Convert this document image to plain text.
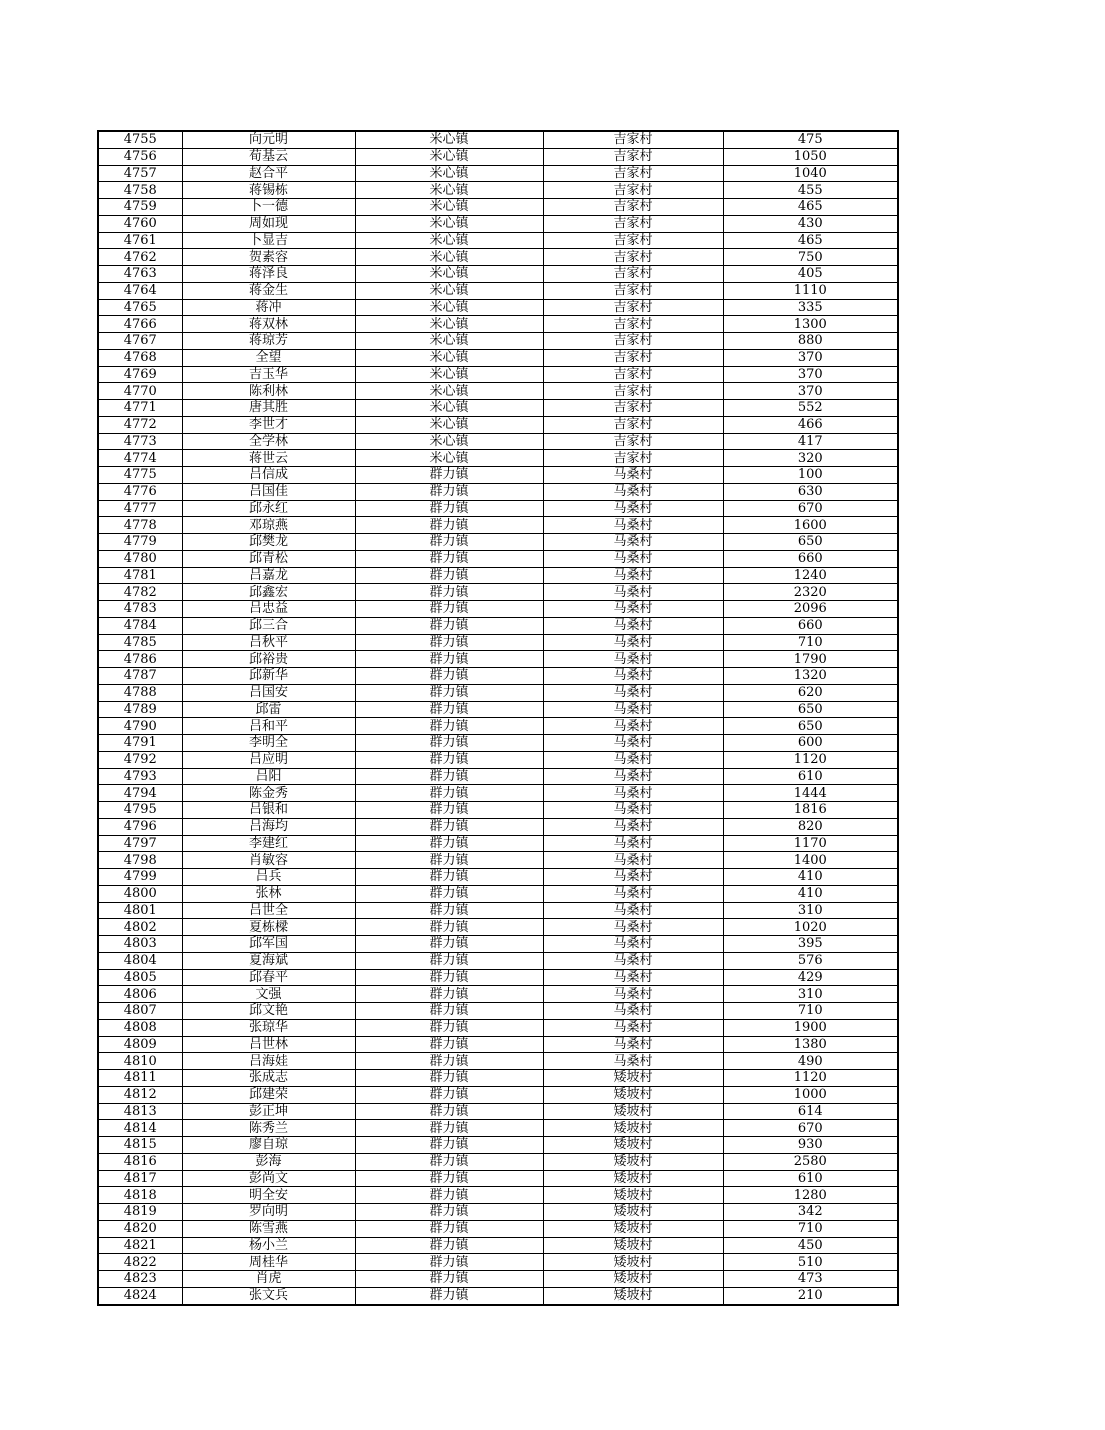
4755	向元明	米心镇	吉家村	475
4756	荀基云	米心镇	吉家村	1050
4757	赵合平	米心镇	吉家村	1040
4758	蒋锡栋	米心镇	吉家村	455
4759	卜一德	米心镇	吉家村	465
4760	周如现	米心镇	吉家村	430
4761	卜显吉	米心镇	吉家村	465
4762	贺素容	米心镇	吉家村	750
4763	蒋泽良	米心镇	吉家村	405
4764	蒋金生	米心镇	吉家村	1110
4765	蒋冲	米心镇	吉家村	335
4766	蒋双林	米心镇	吉家村	1300
4767	蒋琼芳	米心镇	吉家村	880
4768	全望	米心镇	吉家村	370
4769	吉玉华	米心镇	吉家村	370
4770	陈利林	米心镇	吉家村	370
4771	唐其胜	米心镇	吉家村	552
4772	李世才	米心镇	吉家村	466
4773	全学林	米心镇	吉家村	417
4774	蒋世云	米心镇	吉家村	320
4775	吕信成	群力镇	马桑村	100
4776	吕国佳	群力镇	马桑村	630
4777	邱永红	群力镇	马桑村	670
4778	邓琼燕	群力镇	马桑村	1600
4779	邱樊龙	群力镇	马桑村	650
4780	邱青松	群力镇	马桑村	660
4781	吕嘉龙	群力镇	马桑村	1240
4782	邱鑫宏	群力镇	马桑村	2320
4783	吕忠益	群力镇	马桑村	2096
4784	邱三合	群力镇	马桑村	660
4785	吕秋平	群力镇	马桑村	710
4786	邱裕贵	群力镇	马桑村	1790
4787	邱新华	群力镇	马桑村	1320
4788	吕国安	群力镇	马桑村	620
4789	邱雷	群力镇	马桑村	650
4790	吕和平	群力镇	马桑村	650
4791	李明全	群力镇	马桑村	600
4792	吕应明	群力镇	马桑村	1120
4793	吕阳	群力镇	马桑村	610
4794	陈金秀	群力镇	马桑村	1444
4795	吕银和	群力镇	马桑村	1816
4796	吕海均	群力镇	马桑村	820
4797	李建红	群力镇	马桑村	1170
4798	肖敏容	群力镇	马桑村	1400
4799	吕兵	群力镇	马桑村	410
4800	张林	群力镇	马桑村	410
4801	吕世全	群力镇	马桑村	310
4802	夏栋樑	群力镇	马桑村	1020
4803	邱军国	群力镇	马桑村	395
4804	夏海斌	群力镇	马桑村	576
4805	邱春平	群力镇	马桑村	429
4806	文强	群力镇	马桑村	310
4807	邱文艳	群力镇	马桑村	710
4808	张琼华	群力镇	马桑村	1900
4809	吕世林	群力镇	马桑村	1380
4810	吕海娃	群力镇	马桑村	490
4811	张成志	群力镇	矮坡村	1120
4812	邱建荣	群力镇	矮坡村	1000
4813	彭正坤	群力镇	矮坡村	614
4814	陈秀兰	群力镇	矮坡村	670
4815	廖自琼	群力镇	矮坡村	930
4816	彭海	群力镇	矮坡村	2580
4817	彭尚文	群力镇	矮坡村	610
4818	明全安	群力镇	矮坡村	1280
4819	罗向明	群力镇	矮坡村	342
4820	陈雪燕	群力镇	矮坡村	710
4821	杨小兰	群力镇	矮坡村	450
4822	周桂华	群力镇	矮坡村	510
4823	肖虎	群力镇	矮坡村	473
4824	张文兵	群力镇	矮坡村	210
